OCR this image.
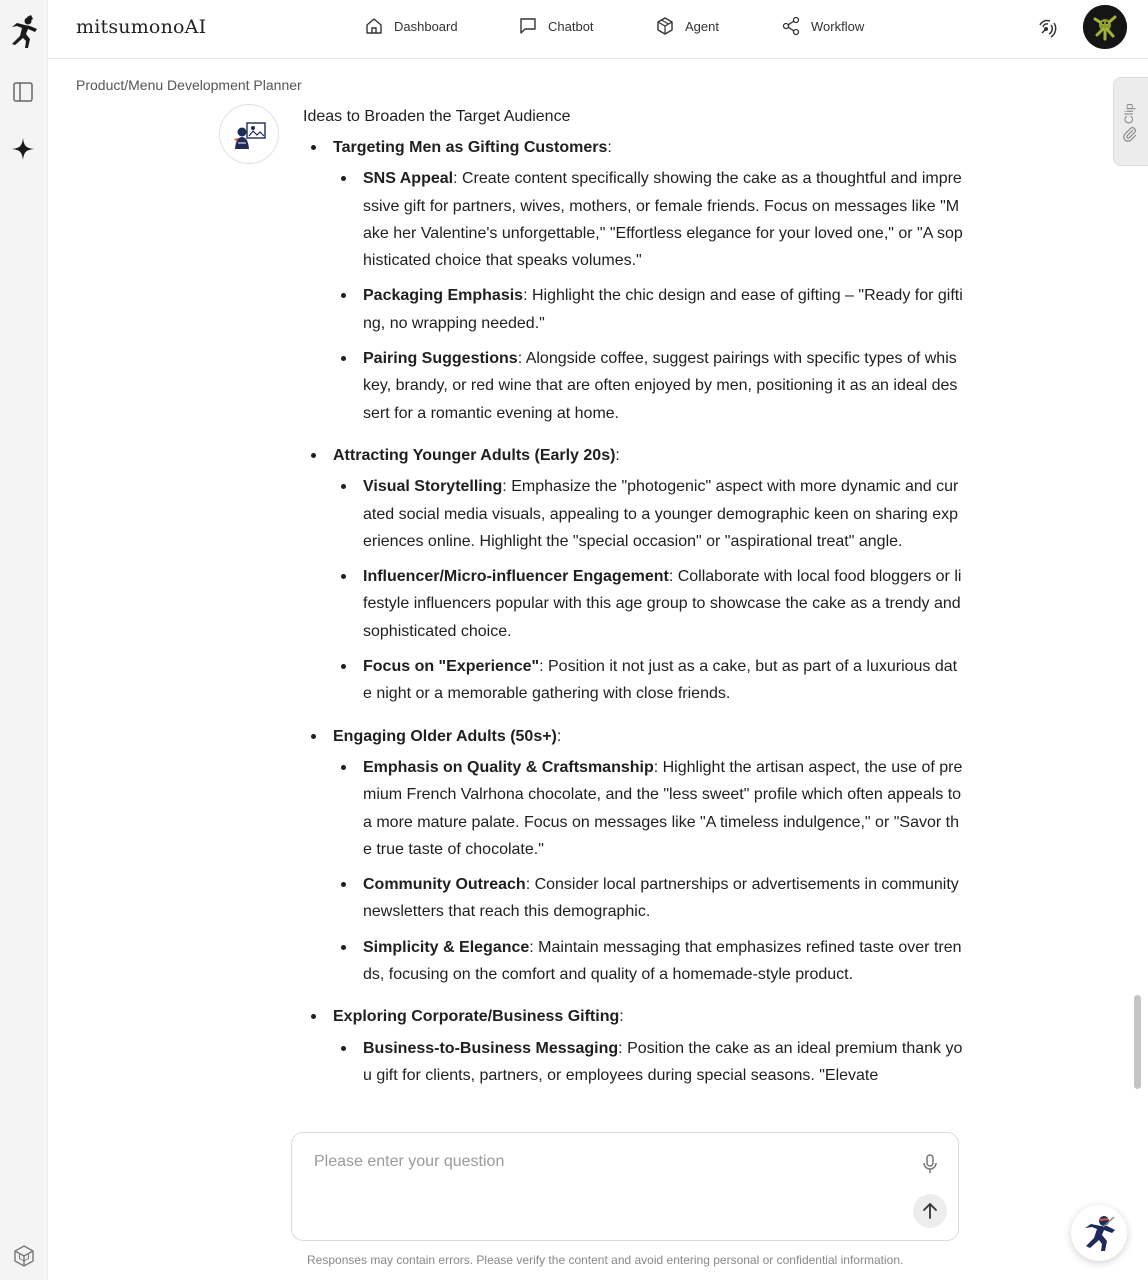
mitsumonoAI	Dashboard	Chatbot	Agent	Workflow
Product/Menu Development Planner
Clip
Ideas to Broaden the Target Audience
Targeting Men as Gifting Customers:
SNS Appeal: Create content specifically showing the cake as a thoughtful and impressive gift for partners, wives, mothers, or female friends. Focus on messages like "Make her Valentine's unforgettable," "Effortless elegance for your loved one," or "A sophisticated choice that speaks volumes."
Packaging Emphasis: Highlight the chic design and ease of gifting – "Ready for gifting, no wrapping needed."
Pairing Suggestions: Alongside coffee, suggest pairings with specific types of whiskey, brandy, or red wine that are often enjoyed by men, positioning it as an ideal dessert for a romantic evening at home.
Attracting Younger Adults (Early 20s):
Visual Storytelling: Emphasize the "photogenic" aspect with more dynamic and curated social media visuals, appealing to a younger demographic keen on sharing experiences online. Highlight the "special occasion" or "aspirational treat" angle.
Influencer/Micro-influencer Engagement: Collaborate with local food bloggers or lifestyle influencers popular with this age group to showcase the cake as a trendy and sophisticated choice.
Focus on "Experience": Position it not just as a cake, but as part of a luxurious date night or a memorable gathering with close friends.
Engaging Older Adults (50s+):
Emphasis on Quality & Craftsmanship: Highlight the artisan aspect, the use of premium French Valrhona chocolate, and the "less sweet" profile which often appeals to a more mature palate. Focus on messages like "A timeless indulgence," or "Savor the true taste of chocolate."
Community Outreach: Consider local partnerships or advertisements in community newsletters that reach this demographic.
Simplicity & Elegance: Maintain messaging that emphasizes refined taste over trends, focusing on the comfort and quality of a homemade-style product.
Exploring Corporate/Business Gifting:
Business-to-Business Messaging: Position the cake as an ideal premium thank you gift for clients, partners, or employees during special seasons. "Elevate
Please enter your question
Responses may contain errors. Please verify the content and avoid entering personal or confidential information.
